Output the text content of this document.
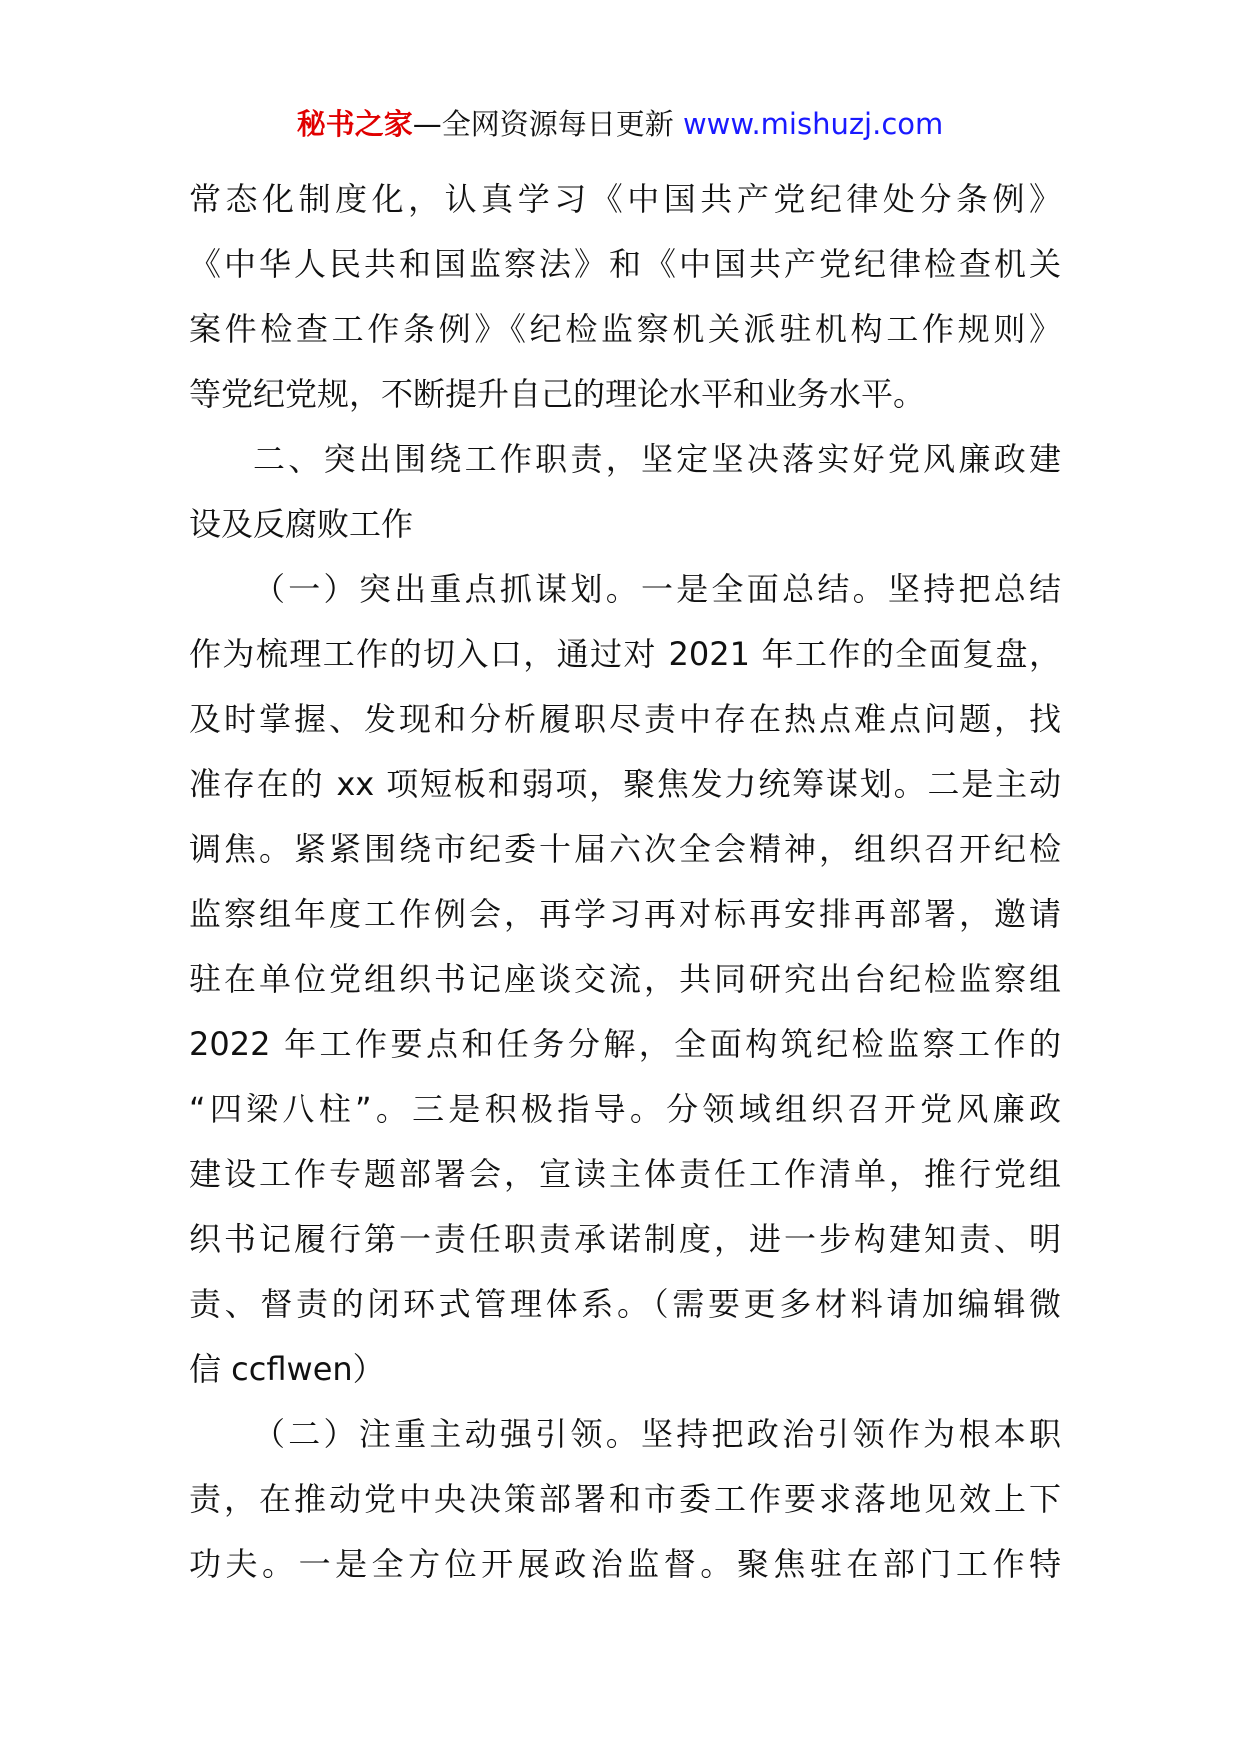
秘书之家—全网资源每日更新 www.mishuzj.com
常态化制度化，认真学习《中国共产党纪律处分条例》
《中华人民共和国监察法》和《中国共产党纪律检查机关
案件检查工作条例》《纪检监察机关派驻机构工作规则》
等党纪党规，不断提升自己的理论水平和业务水平。
二、突出围绕工作职责，坚定坚决落实好党风廉政建
设及反腐败工作
（一）突出重点抓谋划。一是全面总结。坚持把总结
作为梳理工作的切入口，通过对 2021 年工作的全面复盘，
及时掌握、发现和分析履职尽责中存在热点难点问题，找
准存在的 xx 项短板和弱项，聚焦发力统筹谋划。二是主动
调焦。紧紧围绕市纪委十届六次全会精神，组织召开纪检
监察组年度工作例会，再学习再对标再安排再部署，邀请
驻在单位党组织书记座谈交流，共同研究出台纪检监察组
2022 年工作要点和任务分解，全面构筑纪检监察工作的
“四梁八柱”。三是积极指导。分领域组织召开党风廉政
建设工作专题部署会，宣读主体责任工作清单，推行党组
织书记履行第一责任职责承诺制度，进一步构建知责、明
责、督责的闭环式管理体系。（需要更多材料请加编辑微
信 ccflwen）
（二）注重主动强引领。坚持把政治引领作为根本职
责，在推动党中央决策部署和市委工作要求落地见效上下
功夫。一是全方位开展政治监督。聚焦驻在部门工作特
